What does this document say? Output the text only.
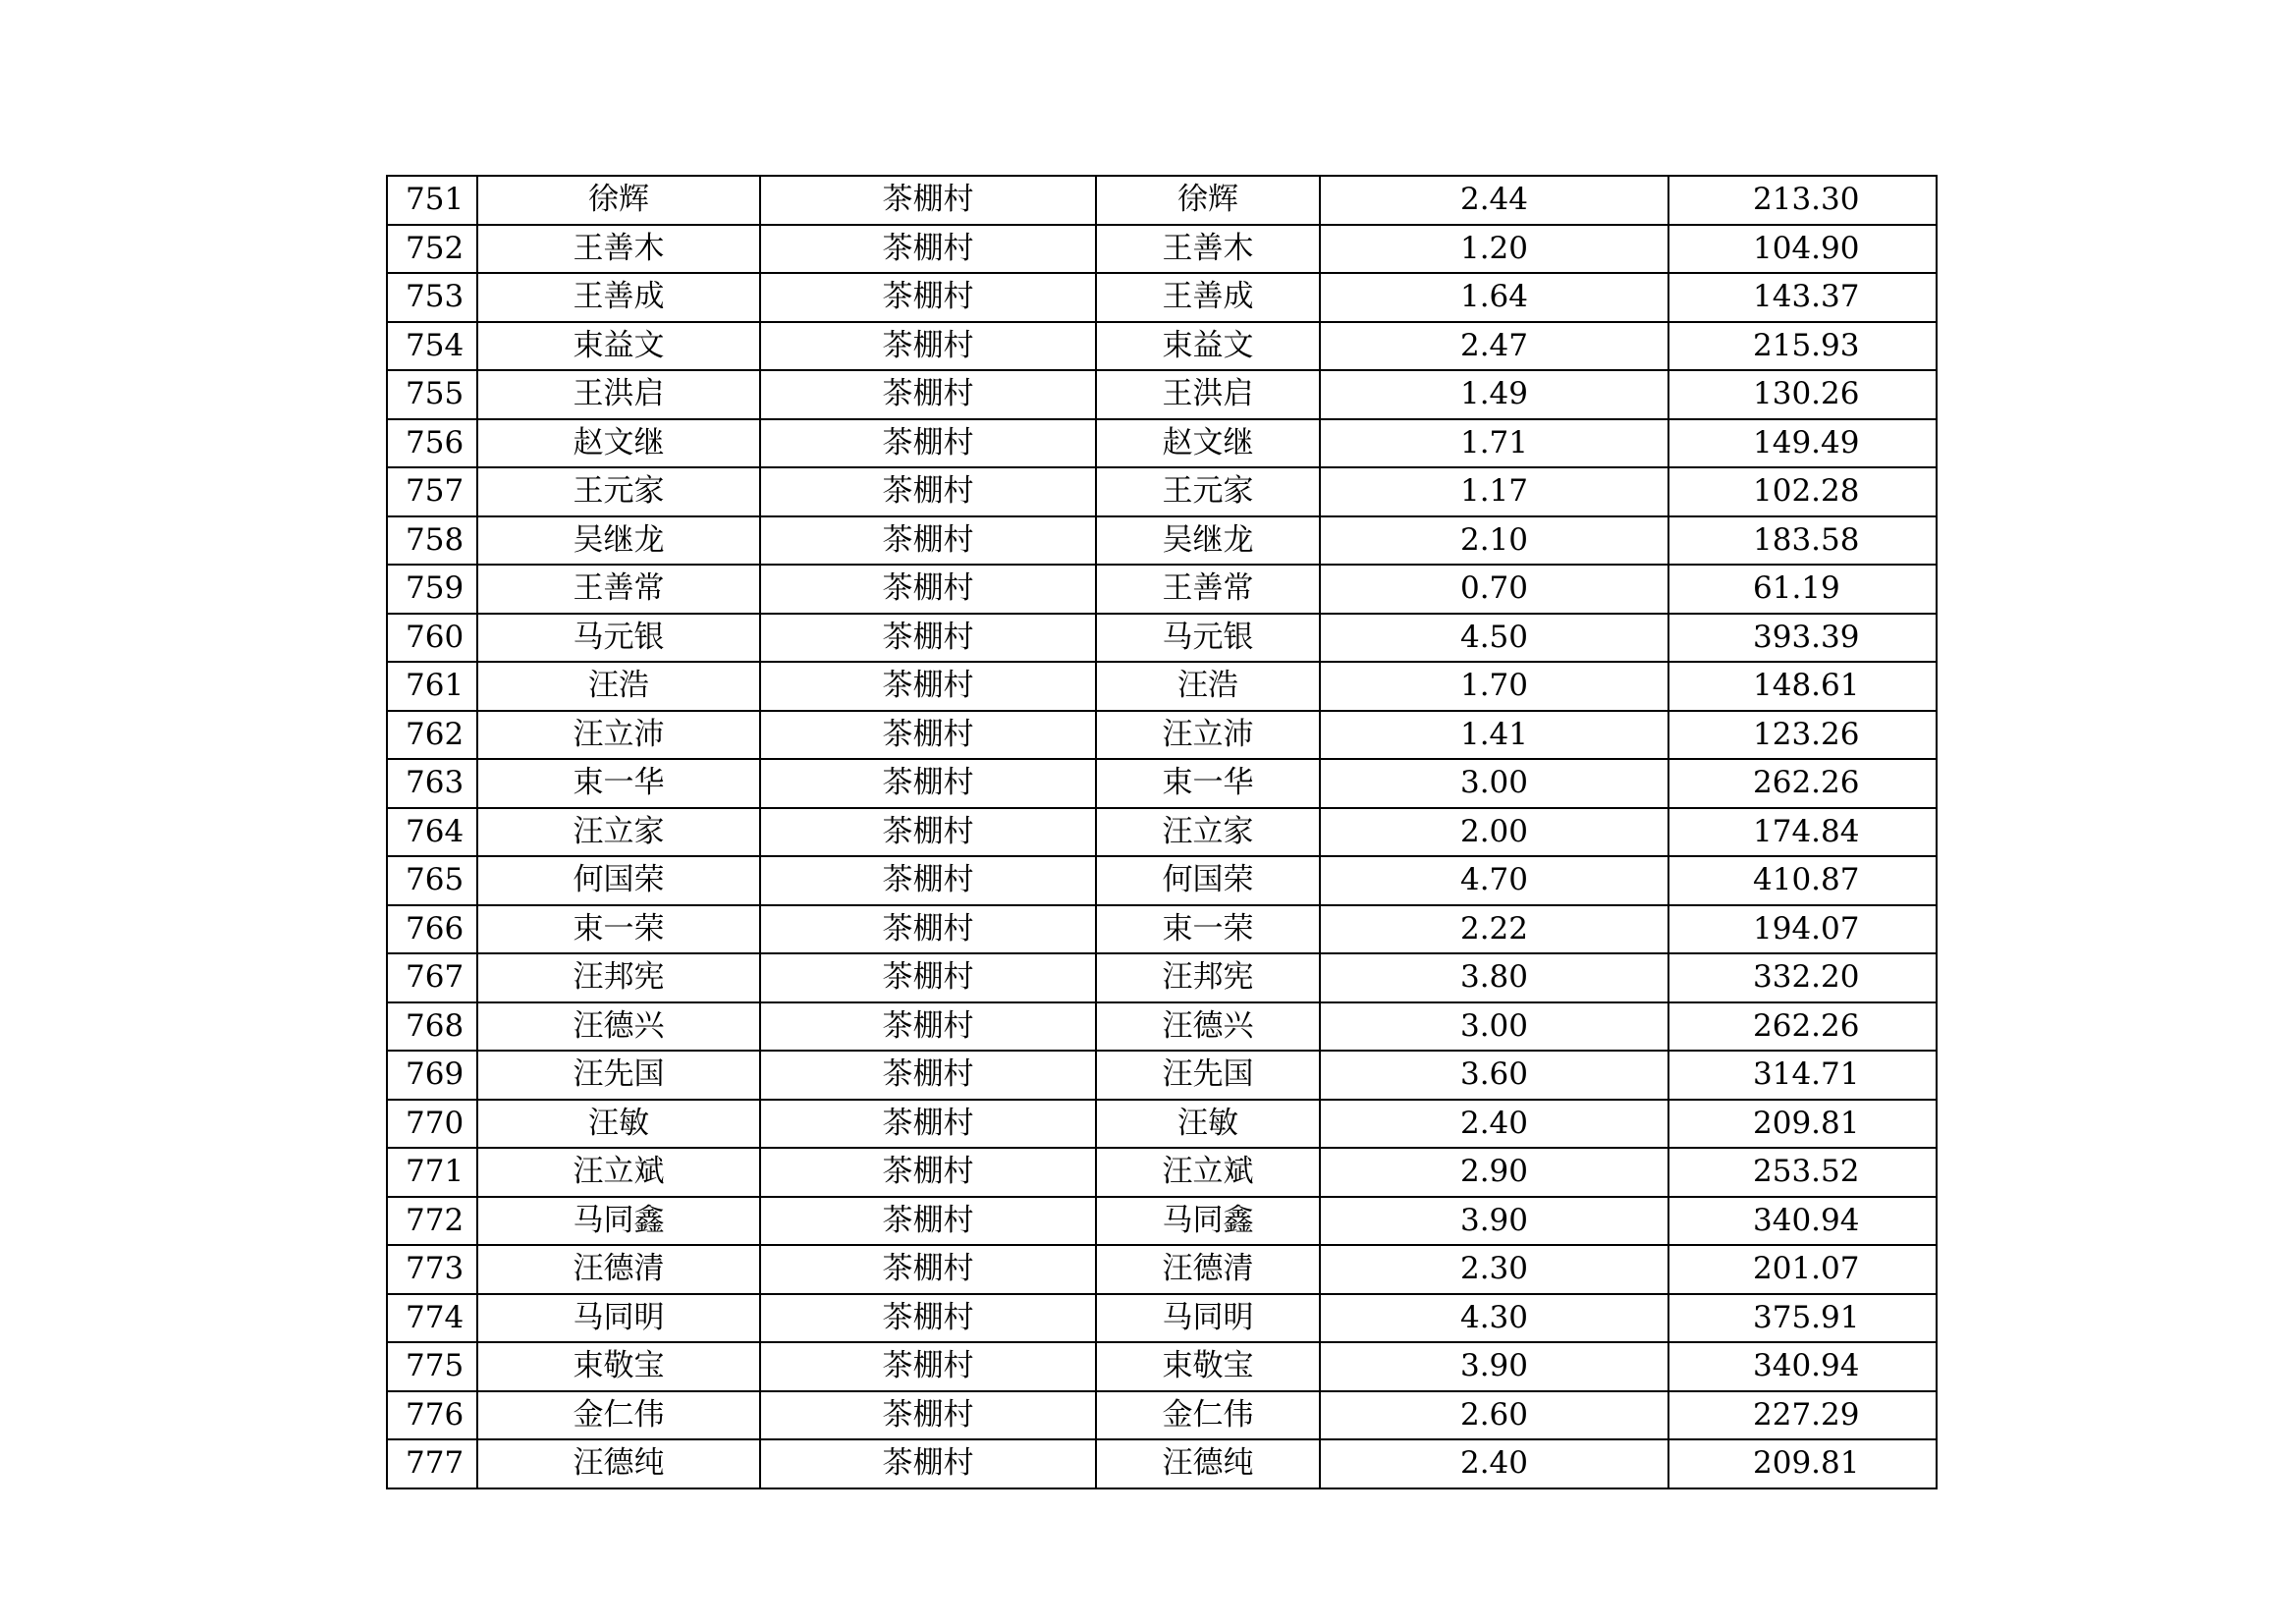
751	徐辉	茶棚村	徐辉	2.44	213.30
752	王善木	茶棚村	王善木	1.20	104.90
753	王善成	茶棚村	王善成	1.64	143.37
754	束益文	茶棚村	束益文	2.47	215.93
755	王洪启	茶棚村	王洪启	1.49	130.26
756	赵文继	茶棚村	赵文继	1.71	149.49
757	王元家	茶棚村	王元家	1.17	102.28
758	吴继龙	茶棚村	吴继龙	2.10	183.58
759	王善常	茶棚村	王善常	0.70	61.19
760	马元银	茶棚村	马元银	4.50	393.39
761	汪浩	茶棚村	汪浩	1.70	148.61
762	汪立沛	茶棚村	汪立沛	1.41	123.26
763	束一华	茶棚村	束一华	3.00	262.26
764	汪立家	茶棚村	汪立家	2.00	174.84
765	何国荣	茶棚村	何国荣	4.70	410.87
766	束一荣	茶棚村	束一荣	2.22	194.07
767	汪邦宪	茶棚村	汪邦宪	3.80	332.20
768	汪德兴	茶棚村	汪德兴	3.00	262.26
769	汪先国	茶棚村	汪先国	3.60	314.71
770	汪敏	茶棚村	汪敏	2.40	209.81
771	汪立斌	茶棚村	汪立斌	2.90	253.52
772	马同鑫	茶棚村	马同鑫	3.90	340.94
773	汪德清	茶棚村	汪德清	2.30	201.07
774	马同明	茶棚村	马同明	4.30	375.91
775	束敬宝	茶棚村	束敬宝	3.90	340.94
776	金仁伟	茶棚村	金仁伟	2.60	227.29
777	汪德纯	茶棚村	汪德纯	2.40	209.81
